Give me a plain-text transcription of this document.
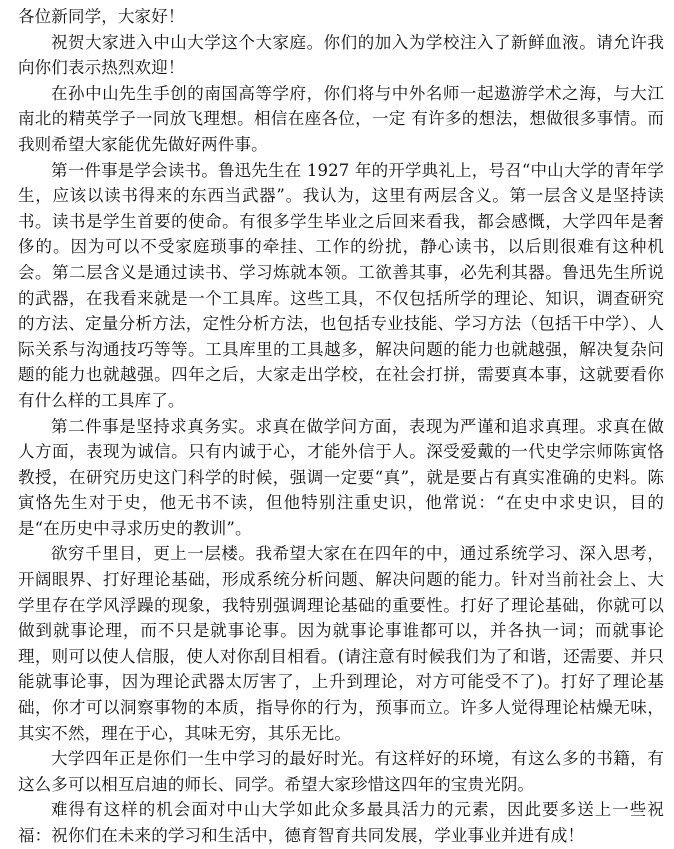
各位新同学，大家好！

祝贺大家进入中山大学这个大家庭。你们的加入为学校注入了新鲜血液。请允许我向你们表示热烈欢迎！

在孙中山先生手创的南国高等学府，你们将与中外名师一起遨游学术之海，与大江南北的精英学子一同放飞理想。相信在座各位，一定 有许多的想法，想做很多事情。而我则希望大家能优先做好两件事。

第一件事是学会读书。鲁迅先生在 1927 年的开学典礼上，号召“中山大学的青年学生，应该以读书得来的东西当武器”。我认为，这里有两层含义。第一层含义是坚持读书。读书是学生首要的使命。有很多学生毕业之后回来看我，都会感慨，大学四年是奢侈的。因为可以不受家庭琐事的牵挂、工作的纷扰，静心读书，以后則很难有这种机会。第二层含义是通过读书、学习炼就本领。工欲善其事，必先利其器。鲁迅先生所说的武器，在我看来就是一个工具库。这些工具，不仅包括所学的理论、知识，调查研究的方法、定量分析方法，定性分析方法，也包括专业技能、学习方法（包括干中学）、人际关系与沟通技巧等等。工具库里的工具越多，解决问题的能力也就越强，解决复杂问题的能力也就越强。四年之后，大家走出学校，在社会打拼，需要真本事，这就要看你有什么样的工具库了。

第二件事是坚持求真务实。求真在做学问方面，表现为严谨和追求真理。求真在做人方面，表现为诚信。只有内诚于心，才能外信于人。深受爱戴的一代史学宗师陈寅恪教授，在研究历史这门科学的时候，强调一定要“真”，就是要占有真实准确的史料。陈寅恪先生对于史，他无书不读，但他特别注重史识，他常说：“在史中求史识，目的是“在历史中寻求历史的教训”。

欲穷千里目，更上一层楼。我希望大家在在四年的中，通过系统学习、深入思考，开阔眼界、打好理论基础，形成系统分析问题、解决问题的能力。针对当前社会上、大学里存在学风浮躁的现象，我特别强调理论基础的重要性。打好了理论基础，你就可以做到就事论理，而不只是就事论事。因为就事论事谁都可以，并各执一词；而就事论理，则可以使人信服，使人对你刮目相看。(请注意有时候我们为了和谐，还需要、并只能就事论事，因为理论武器太厉害了，上升到理论，对方可能受不了)。打好了理论基础，你才可以洞察事物的本质，指导你的行为，预事而立。许多人觉得理论枯燥无味，其实不然，理在于心，其味无穷，其乐无比。

大学四年正是你们一生中学习的最好时光。有这样好的环境，有这么多的书籍，有这么多可以相互启迪的师长、同学。希望大家珍惜这四年的宝贵光阴。

难得有这样的机会面对中山大学如此众多最具活力的元素，因此要多送上一些祝福：祝你们在未来的学习和生活中，德育智育共同发展，学业事业并进有成！
